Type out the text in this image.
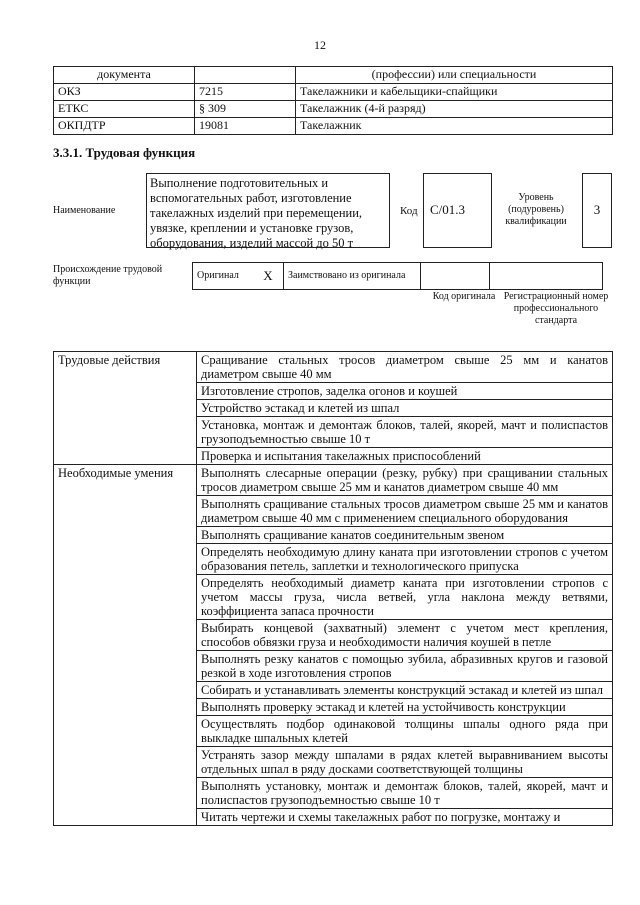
12
документа		(профессии) или специальности
ОКЗ	7215	Такелажники и кабельщики-спайщики
ЕТКС	§ 309	Такелажник (4-й разряд)
ОКПДТР	19081	Такелажник
3.3.1. Трудовая функция
Наименование
Выполнение подготовительных и вспомогательных работ, изготовление такелажных изделий при перемещении, увязке, креплении и установке грузов, оборудования, изделий массой до 50 т
Код C/01.3
Уровень (подуровень) квалификации
3
Происхождение трудовой функции
Оригинал	X	Заимствовано из оригинала		
Код оригинала Регистрационный номер профессионального стандарта
Трудовые действия	Сращивание стальных тросов диаметром свыше 25 мм и канатов диаметром свыше 40 мм
	Изготовление стропов, заделка огонов и коушей
	Устройство эстакад и клетей из шпал
	Установка, монтаж и демонтаж блоков, талей, якорей, мачт и полиспастов грузоподъемностью свыше 10 т
	Проверка и испытания такелажных приспособлений
Необходимые умения	Выполнять слесарные операции (резку, рубку) при сращивании стальных тросов диаметром свыше 25 мм и канатов диаметром свыше 40 мм
	Выполнять сращивание стальных тросов диаметром свыше 25 мм и канатов диаметром свыше 40 мм с применением специального оборудования
	Выполнять сращивание канатов соединительным звеном
	Определять необходимую длину каната при изготовлении стропов с учетом образования петель, заплетки и технологического припуска
	Определять необходимый диаметр каната при изготовлении стропов с учетом массы груза, числа ветвей, угла наклона между ветвями, коэффициента запаса прочности
	Выбирать концевой (захватный) элемент с учетом мест крепления, способов обвязки груза и необходимости наличия коушей в петле
	Выполнять резку канатов с помощью зубила, абразивных кругов и газовой резкой в ходе изготовления стропов
	Собирать и устанавливать элементы конструкций эстакад и клетей из шпал
	Выполнять проверку эстакад и клетей на устойчивость конструкции
	Осуществлять подбор одинаковой толщины шпалы одного ряда при выкладке шпальных клетей
	Устранять зазор между шпалами в рядах клетей выравниванием высоты отдельных шпал в ряду досками соответствующей толщины
	Выполнять установку, монтаж и демонтаж блоков, талей, якорей, мачт и полиспастов грузоподъемностью свыше 10 т
	Читать чертежи и схемы такелажных работ по погрузке, монтажу и
